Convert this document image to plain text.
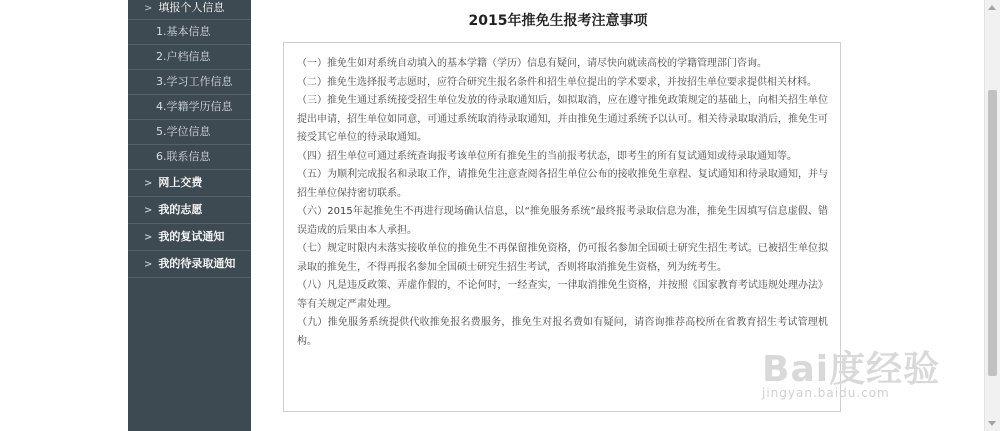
> 填报个人信息
1.基本信息
2.户档信息
3.学习工作信息
4.学籍学历信息
5.学位信息
6.联系信息
> 网上交费
> 我的志愿
> 我的复试通知
> 我的待录取通知
2015年推免生报考注意事项

（一）推免生如对系统自动填入的基本学籍（学历）信息有疑问，请尽快向就读高校的学籍管理部门咨询。

（二）推免生选择报考志愿时，应符合研究生报名条件和招生单位提出的学术要求，并按招生单位要求提供相关材料。

（三）推免生通过系统接受招生单位发放的待录取通知后，如拟取消，应在遵守推免政策规定的基础上，向相关招生单位提出申请，招生单位如同意，可通过系统取消待录取通知，并由推免生通过系统予以认可。相关待录取取消后，推免生可接受其它单位的待录取通知。

（四）招生单位可通过系统查询报考该单位所有推免生的当前报考状态，即考生的所有复试通知或待录取通知等。

（五）为顺利完成报名和录取工作，请推免生注意查阅各招生单位公布的接收推免生章程、复试通知和待录取通知，并与招生单位保持密切联系。

（六）2015年起推免生不再进行现场确认信息，以“推免服务系统”最终报考录取信息为准，推免生因填写信息虚假、错误造成的后果由本人承担。

（七）规定时限内未落实接收单位的推免生不再保留推免资格，仍可报名参加全国硕士研究生招生考试。已被招生单位拟录取的推免生，不得再报名参加全国硕士研究生招生考试，否则将取消推免生资格，列为统考生。

（八）凡是违反政策、弄虚作假的，不论何时，一经查实，一律取消推免生资格，并按照《国家教育考试违规处理办法》等有关规定严肃处理。

（九）推免服务系统提供代收推免报名费服务，推免生对报名费如有疑问，请咨询推荐高校所在省教育招生考试管理机构。

Bai度经验
jingyan.baidu.com
